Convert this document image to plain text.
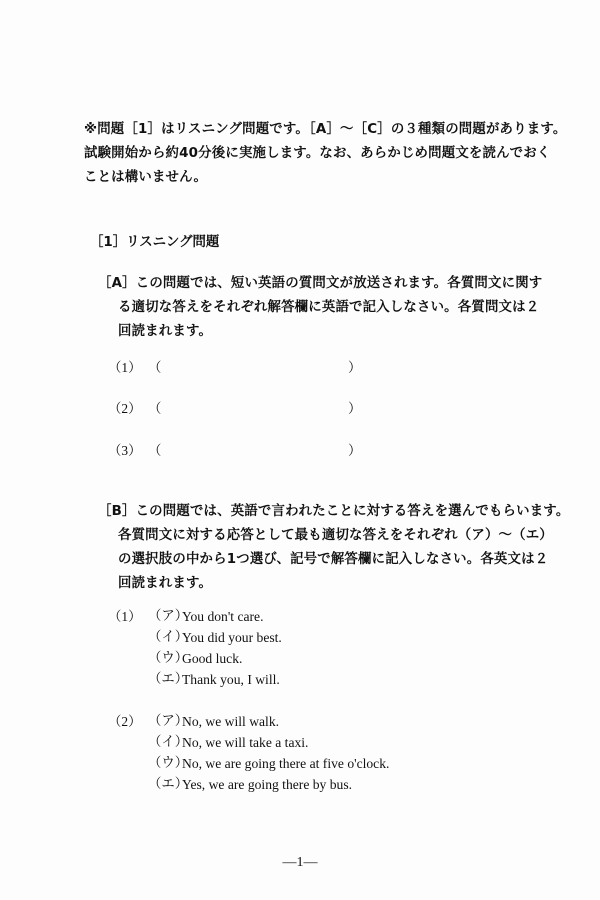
※問題［1］はリスニング問題です。［A］～［C］の３種類の問題があります。
試験開始から約40分後に実施します。なお、あらかじめ問題文を読んでおく
ことは構いません。
［1］リスニング問題
［A］この問題では、短い英語の質問文が放送されます。各質問文に関す
る適切な答えをそれぞれ解答欄に英語で記入しなさい。各質問文は２
回読まれます。
（1） （	）
（2） （	）
（3） （	）
［B］この問題では、英語で言われたことに対する答えを選んでもらいます。
各質問文に対する応答として最も適切な答えをそれぞれ（ア）～（エ）
の選択肢の中から1つ選び、記号で解答欄に記入しなさい。各英文は２
回読まれます。
（1） （ア）
You don't care.
（イ）
You did your best.
（ウ）
Good luck.
（エ）
Thank you, I will.
（2） （ア）
No, we will walk.
（イ）
No, we will take a taxi.
（ウ）
No, we are going there at five o'clock.
（エ）
Yes, we are going there by bus.
—1—
